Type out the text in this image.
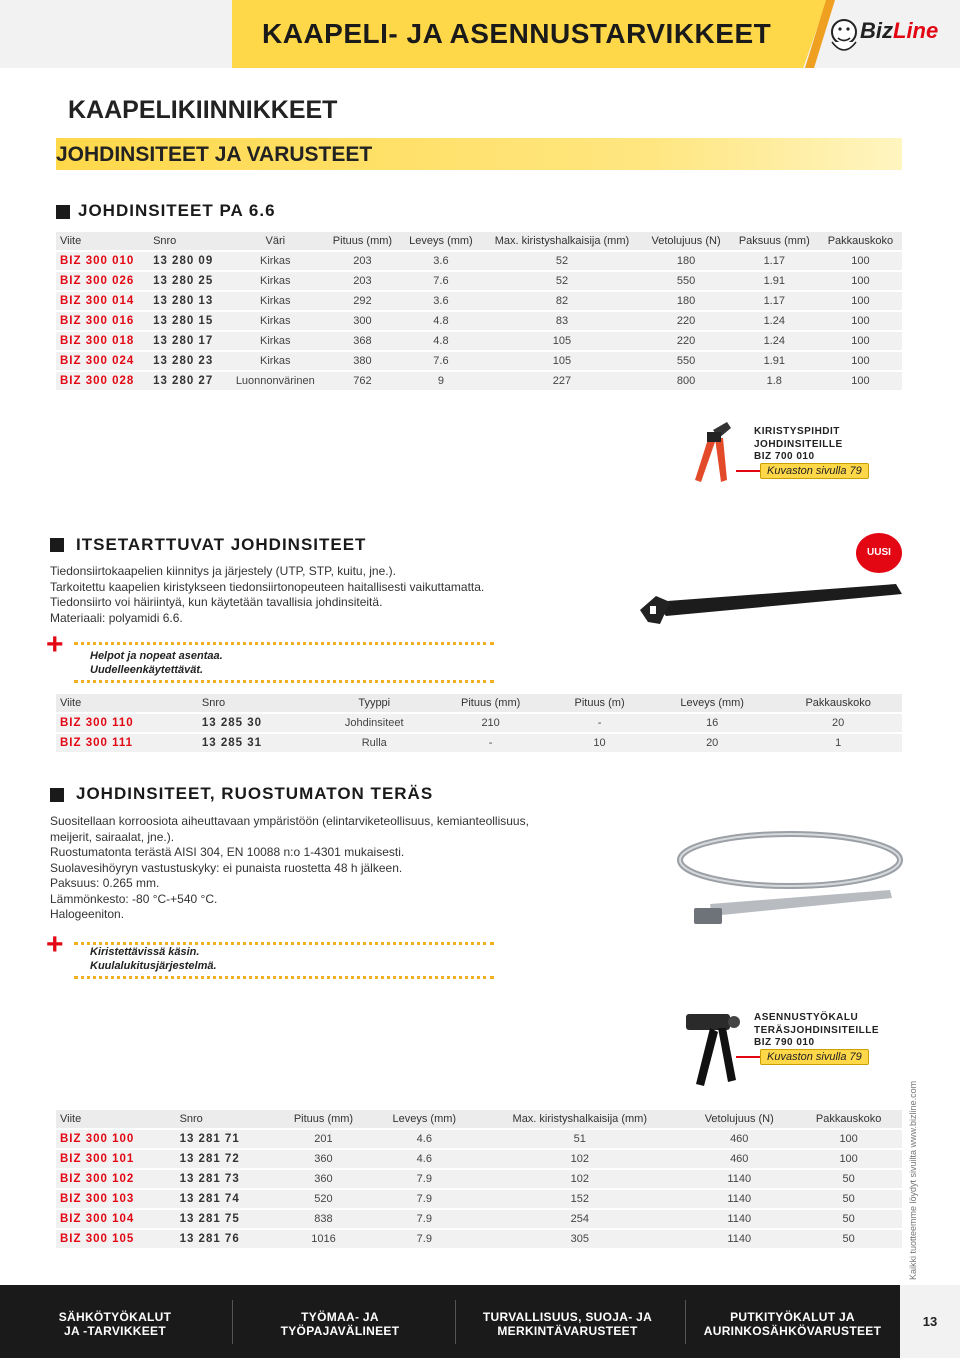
KAAPELI- JA ASENNUSTARVIKKEET	BizLine
KAAPELIKIINNIKKEET
JOHDINSITEET JA VARUSTEET
JOHDINSITEET PA 6.6
Viite	Snro	Väri	Pituus (mm)	Leveys (mm)	Max. kiristyshalkaisija (mm)	Vetolujuus (N)	Paksuus (mm)	Pakkauskoko
BIZ 300 010	13 280 09	Kirkas	203	3.6	52	180	1.17	100
BIZ 300 026	13 280 25	Kirkas	203	7.6	52	550	1.91	100
BIZ 300 014	13 280 13	Kirkas	292	3.6	82	180	1.17	100
BIZ 300 016	13 280 15	Kirkas	300	4.8	83	220	1.24	100
BIZ 300 018	13 280 17	Kirkas	368	4.8	105	220	1.24	100
BIZ 300 024	13 280 23	Kirkas	380	7.6	105	550	1.91	100
BIZ 300 028	13 280 27	Luonnonvärinen	762	9	227	800	1.8	100
KIRISTYSPIHDIT
JOHDINSITEILLE
BIZ 700 010
Kuvaston sivulla 79
ITSETARTTUVAT JOHDINSITEET	UUSI
Tiedonsiirtokaapelien kiinnitys ja järjestely (UTP, STP, kuitu, jne.).
Tarkoitettu kaapelien kiristykseen tiedonsiirtonopeuteen haitallisesti vaikuttamatta.
Tiedonsiirto voi häiriintyä, kun käytetään tavallisia johdinsiteitä.
Materiaali: polyamidi 6.6.
+ Helpot ja nopeat asentaa.
Uudelleenkäytettävät.
Viite	Snro	Tyyppi	Pituus (mm)	Pituus (m)	Leveys (mm)	Pakkauskoko
BIZ 300 110	13 285 30	Johdinsiteet	210	-	16	20
BIZ 300 111	13 285 31	Rulla	-	10	20	1
JOHDINSITEET, RUOSTUMATON TERÄS
Suositellaan korroosiota aiheuttavaan ympäristöön (elintarviketeollisuus, kemianteollisuus,
meijerit, sairaalat, jne.).
Ruostumatonta terästä AISI 304, EN 10088 n:o 1-4301 mukaisesti.
Suolavesihöyryn vastustuskyky: ei punaista ruostetta 48 h jälkeen.
Paksuus: 0.265 mm.
Lämmönkesto: -80 °C-+540 °C.
Halogeeniton.
+ Kiristettävissä käsin.
Kuulalukitusjärjestelmä.
ASENNUSTYÖKALU
TERÄSJOHDINSITEILLE
BIZ 790 010
Kuvaston sivulla 79
Viite	Snro	Pituus (mm)	Leveys (mm)	Max. kiristyshalkaisija (mm)	Vetolujuus (N)	Pakkauskoko
BIZ 300 100	13 281 71	201	4.6	51	460	100
BIZ 300 101	13 281 72	360	4.6	102	460	100
BIZ 300 102	13 281 73	360	7.9	102	1140	50
BIZ 300 103	13 281 74	520	7.9	152	1140	50
BIZ 300 104	13 281 75	838	7.9	254	1140	50
BIZ 300 105	13 281 76	1016	7.9	305	1140	50	Kaikki tuotteemme löydyt sivuilta www.bizline.com
SÄHKÖTYÖKALUT
JA -TARVIKKEET
TYÖMAA- JA
TYÖPAJAVÄLINEET
TURVALLISUUS, SUOJA- JA
MERKINTÄVARUSTEET
PUTKITYÖKALUT JA
AURINKOSÄHKÖVARUSTEET
13
